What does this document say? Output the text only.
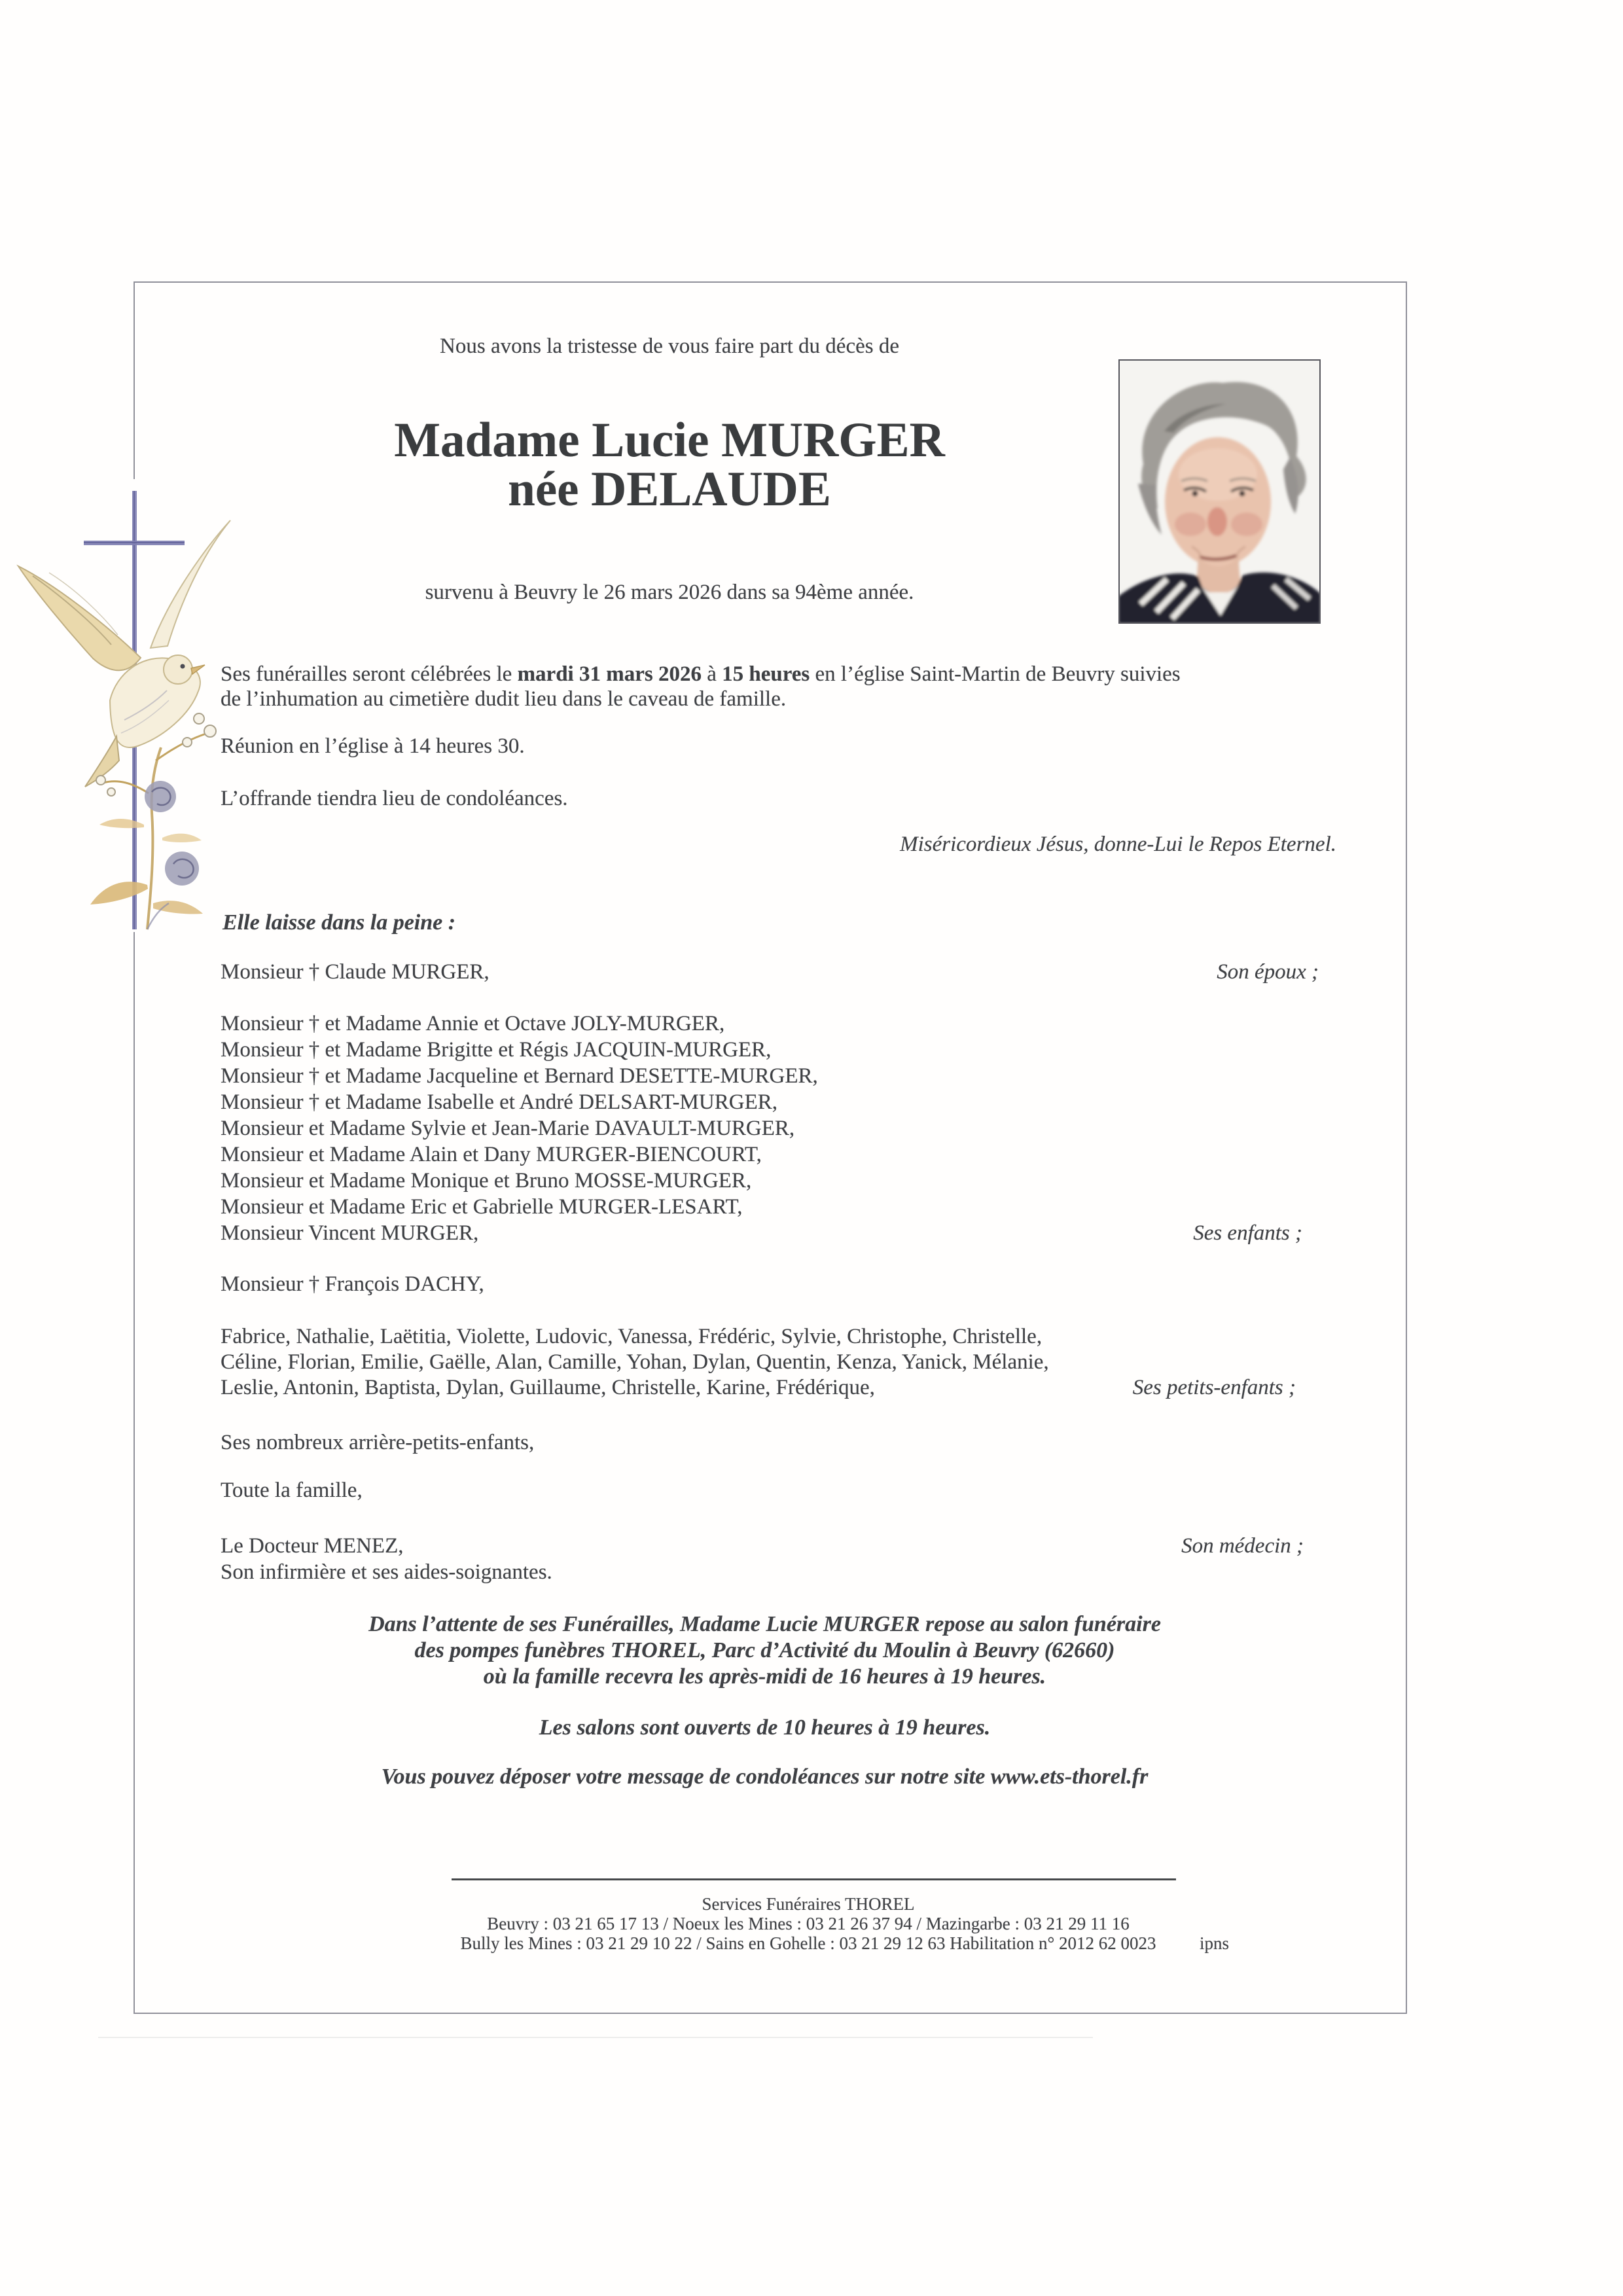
Nous avons la tristesse de vous faire part du décès de
Madame Lucie MURGER
née DELAUDE
survenu à Beuvry le 26 mars 2026 dans sa 94ème année.
Ses funérailles seront célébrées le mardi 31 mars 2026 à 15 heures en l’église Saint-Martin de Beuvry suivies
de l’inhumation au cimetière dudit lieu dans le caveau de famille.
Réunion en l’église à 14 heures 30.
L’offrande tiendra lieu de condoléances.
Miséricordieux Jésus, donne-Lui le Repos Eternel.
Elle laisse dans la peine :
Monsieur † Claude MURGER,	Son époux ;
Monsieur † et Madame Annie et Octave JOLY-MURGER,
Monsieur † et Madame Brigitte et Régis JACQUIN-MURGER,
Monsieur † et Madame Jacqueline et Bernard DESETTE-MURGER,
Monsieur † et Madame Isabelle et André DELSART-MURGER,
Monsieur et Madame Sylvie et Jean-Marie DAVAULT-MURGER,
Monsieur et Madame Alain et Dany MURGER-BIENCOURT,
Monsieur et Madame Monique et Bruno MOSSE-MURGER,
Monsieur et Madame Eric et Gabrielle MURGER-LESART,
Monsieur Vincent MURGER,	Ses enfants ;
Monsieur † François DACHY,
Fabrice, Nathalie, Laëtitia, Violette, Ludovic, Vanessa, Frédéric, Sylvie, Christophe, Christelle,
Céline, Florian, Emilie, Gaëlle, Alan, Camille, Yohan, Dylan, Quentin, Kenza, Yanick, Mélanie,
Leslie, Antonin, Baptista, Dylan, Guillaume, Christelle, Karine, Frédérique,	Ses petits-enfants ;
Ses nombreux arrière-petits-enfants,
Toute la famille,
Le Docteur MENEZ,	Son médecin ;
Son infirmière et ses aides-soignantes.
Dans l’attente de ses Funérailles, Madame Lucie MURGER repose au salon funéraire
des pompes funèbres THOREL, Parc d’Activité du Moulin à Beuvry (62660)
où la famille recevra les après-midi de 16 heures à 19 heures.
Les salons sont ouverts de 10 heures à 19 heures.
Vous pouvez déposer votre message de condoléances sur notre site www.ets-thorel.fr
Services Funéraires THOREL
Beuvry : 03 21 65 17 13 / Noeux les Mines : 03 21 26 37 94 / Mazingarbe : 03 21 29 11 16
Bully les Mines : 03 21 29 10 22 / Sains en Gohelle : 03 21 29 12 63 Habilitation n° 2012 62 0023	ipns
